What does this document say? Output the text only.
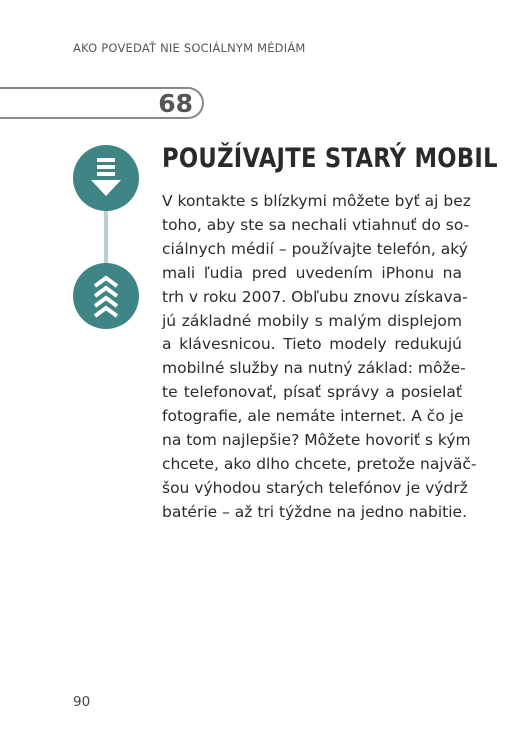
AKO POVEDAŤ NIE SOCIÁLNYM MÉDIÁM
68
POUŽÍVAJTE STARÝ MOBIL

V kontakte s blízkymi môžete byť aj bez
toho, aby ste sa nechali vtiahnuť do so-
ciálnych médií – používajte telefón, aký
mali ľudia pred uvedením iPhonu na
trh v roku 2007. Obľubu znovu získava-
jú základné mobily s malým displejom
a klávesnicou. Tieto modely redukujú
mobilné služby na nutný základ: môže-
te telefonovať, písať správy a posielať
fotografie, ale nemáte internet. A čo je
na tom najlepšie? Môžete hovoriť s kým
chcete, ako dlho chcete, pretože najväč-
šou výhodou starých telefónov je výdrž
batérie – až tri týždne na jedno nabitie.

90
